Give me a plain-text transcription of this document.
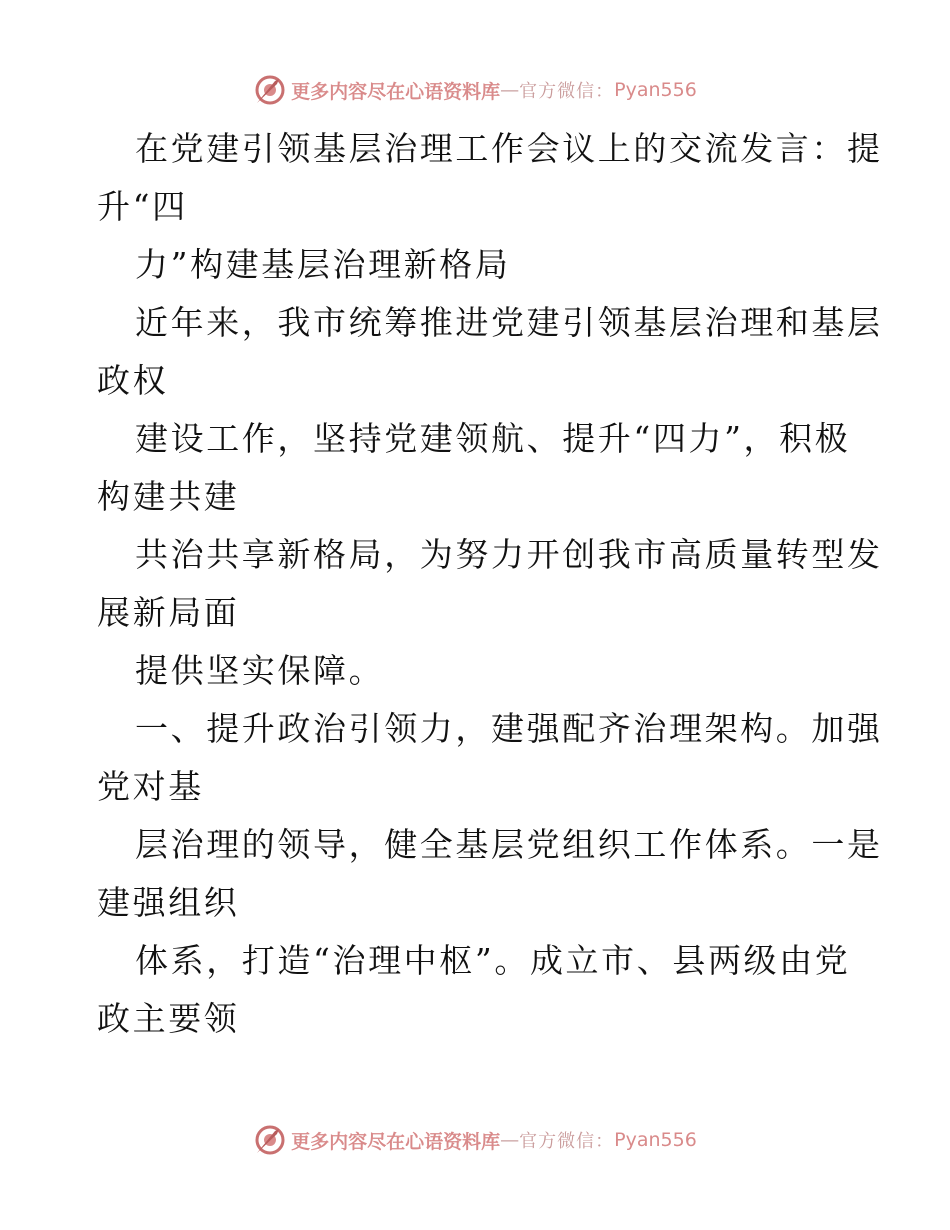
更多内容尽在心语资料库 — 官方微信： Pyan556
在党建引领基层治理工作会议上的交流发言：提
升“四
力”构建基层治理新格局
近年来，我市统筹推进党建引领基层治理和基层
政权
建设工作，坚持党建领航、提升“四力”，积极
构建共建
共治共享新格局，为努力开创我市高质量转型发
展新局面
提供坚实保障。
一、提升政治引领力，建强配齐治理架构。加强
党对基
层治理的领导，健全基层党组织工作体系。一是
建强组织
体系，打造“治理中枢”。成立市、县两级由党
政主要领
更多内容尽在心语资料库 — 官方微信： Pyan556
